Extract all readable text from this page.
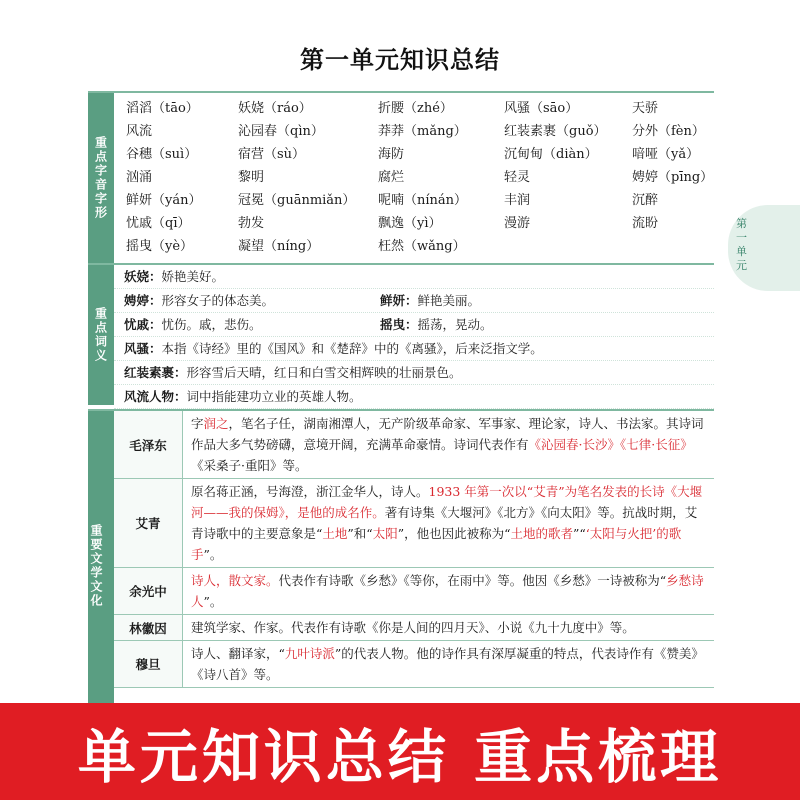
第一单元知识总结
第一单元
重点字音字形
滔滔（tāo）	妖娆（ráo）	折腰（zhé）	风骚（sāo）	天骄
风流	沁园春（qìn）	莽莽（mǎng）	红装素裹（guǒ）	分外（fèn）
谷穗（suì）	宿营（sù）	海防	沉甸甸（diàn）	喑哑（yǎ）
汹涌	黎明	腐烂	轻灵	娉婷（pīng）
鲜妍（yán）	冠冕（guānmiǎn）	呢喃（nínán）	丰润	沉醉
忧戚（qī）	勃发	飘逸（yì）	漫游	流盼
摇曳（yè）	凝望（níng）	枉然（wǎng）
重点词义
妖娆：娇艳美好。
娉婷：形容女子的体态美。	鲜妍：鲜艳美丽。
忧戚：忧伤。戚，悲伤。	摇曳：摇荡，晃动。
风骚：本指《诗经》里的《国风》和《楚辞》中的《离骚》，后来泛指文学。
红装素裹：形容雪后天晴，红日和白雪交相辉映的壮丽景色。
风流人物：词中指能建功立业的英雄人物。
重要文学文化
毛泽东
字润之，笔名子任，湖南湘潭人，无产阶级革命家、军事家、理论家，诗人、书法家。其诗词作品大多气势磅礴，意境开阔，充满革命豪情。诗词代表作有《沁园春·长沙》《七律·长征》《采桑子·重阳》等。
艾青
原名蒋正涵，号海澄，浙江金华人，诗人。1933 年第一次以“艾青”为笔名发表的长诗《大堰河——我的保姆》，是他的成名作。著有诗集《大堰河》《北方》《向太阳》等。抗战时期，艾青诗歌中的主要意象是“土地”和“太阳”，他也因此被称为“土地的歌者”“‘太阳与火把’的歌手”。
余光中
诗人，散文家。代表作有诗歌《乡愁》《等你，在雨中》等。他因《乡愁》一诗被称为“乡愁诗人”。
林徽因	建筑学家、作家。代表作有诗歌《你是人间的四月天》、小说《九十九度中》等。
穆旦
诗人、翻译家，“九叶诗派”的代表人物。他的诗作具有深厚凝重的特点，代表诗作有《赞美》《诗八首》等。
单元知识总结 重点梳理
